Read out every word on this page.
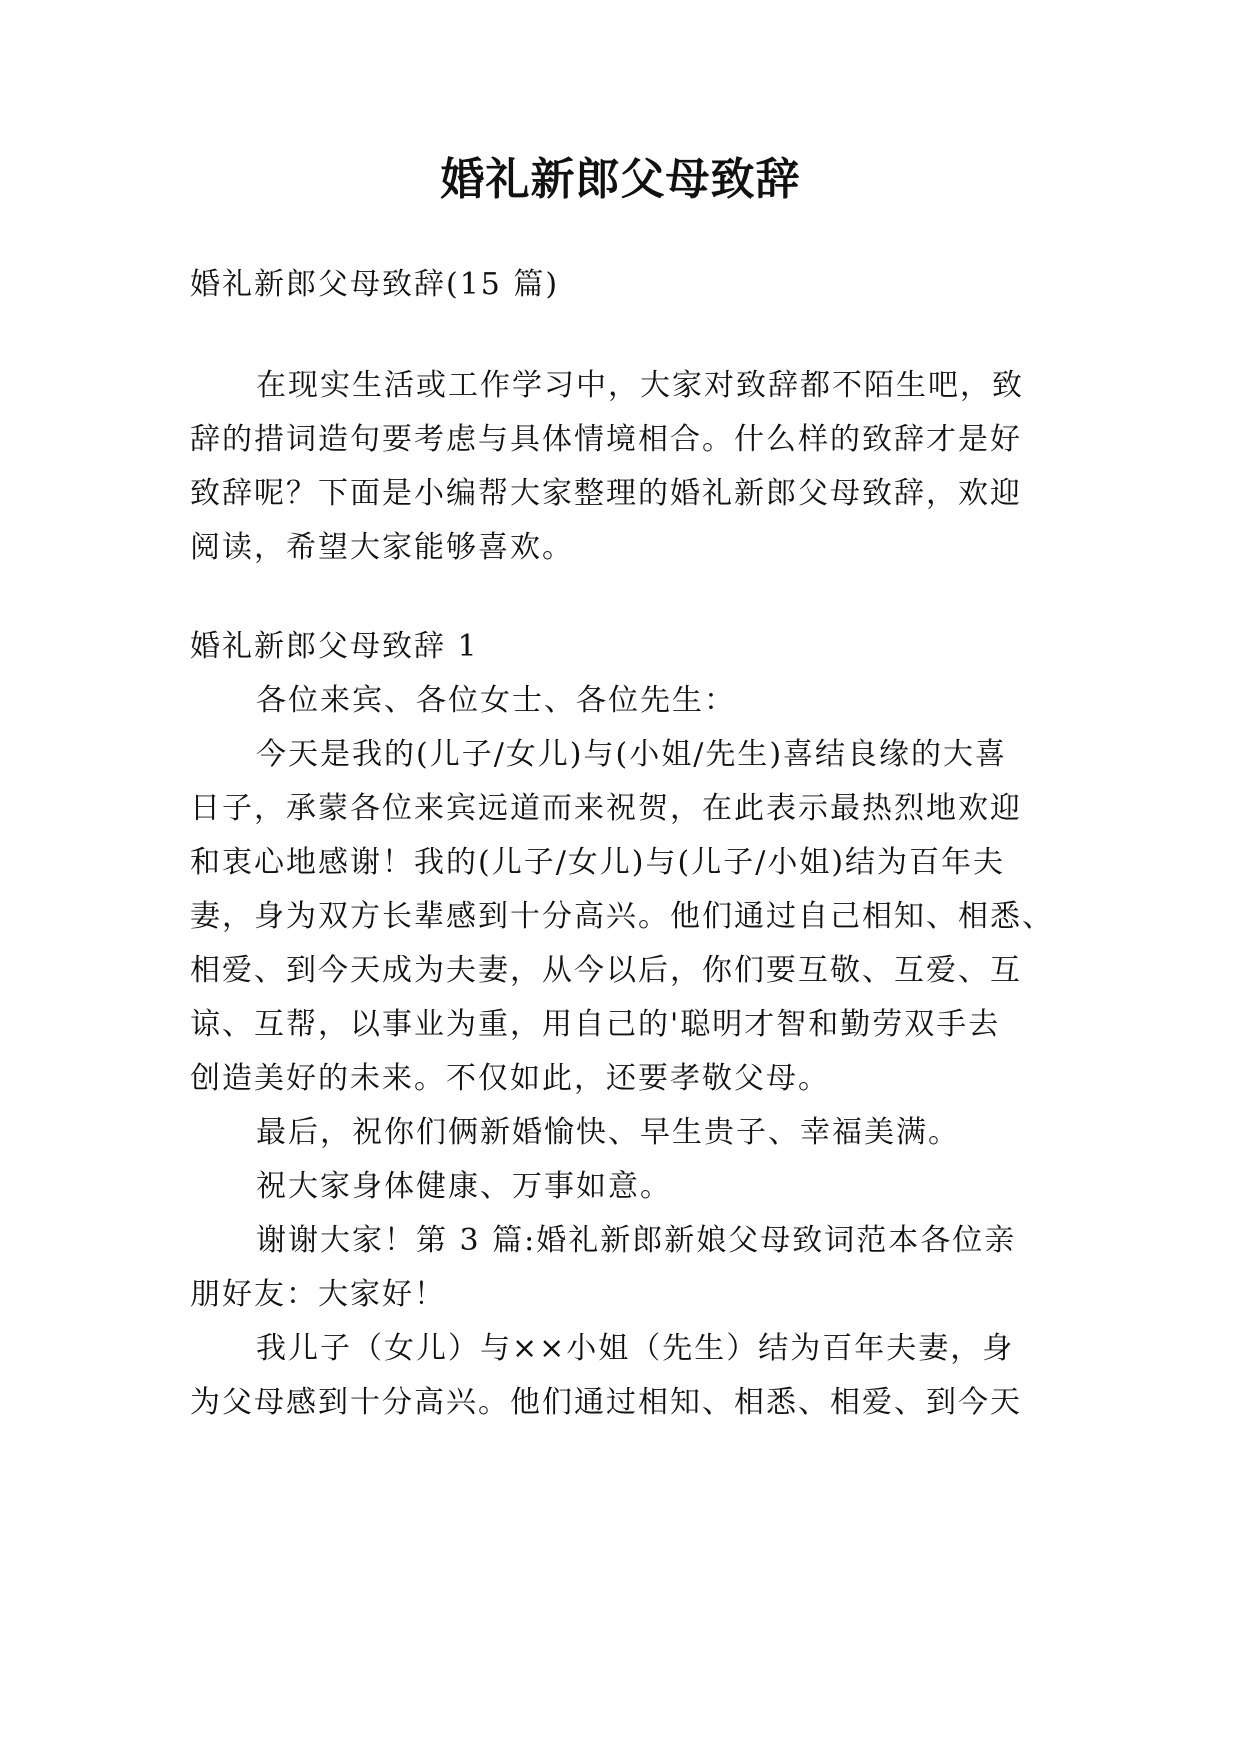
婚礼新郎父母致辞

婚礼新郎父母致辞(15 篇)

在现实生活或工作学习中，大家对致辞都不陌生吧，致

辞的措词造句要考虑与具体情境相合。什么样的致辞才是好

致辞呢？下面是小编帮大家整理的婚礼新郎父母致辞，欢迎

阅读，希望大家能够喜欢。

婚礼新郎父母致辞 1

各位来宾、各位女士、各位先生：

今天是我的(儿子/女儿)与(小姐/先生)喜结良缘的大喜

日子，承蒙各位来宾远道而来祝贺，在此表示最热烈地欢迎

和衷心地感谢！我的(儿子/女儿)与(儿子/小姐)结为百年夫

妻，身为双方长辈感到十分高兴。他们通过自己相知、相悉、

相爱、到今天成为夫妻，从今以后，你们要互敬、互爱、互

谅、互帮，以事业为重，用自己的'聪明才智和勤劳双手去

创造美好的未来。不仅如此，还要孝敬父母。

最后，祝你们俩新婚愉快、早生贵子、幸福美满。

祝大家身体健康、万事如意。

谢谢大家！第 3 篇:婚礼新郎新娘父母致词范本各位亲

朋好友：大家好！

我儿子（女儿）与××小姐（先生）结为百年夫妻，身

为父母感到十分高兴。他们通过相知、相悉、相爱、到今天
